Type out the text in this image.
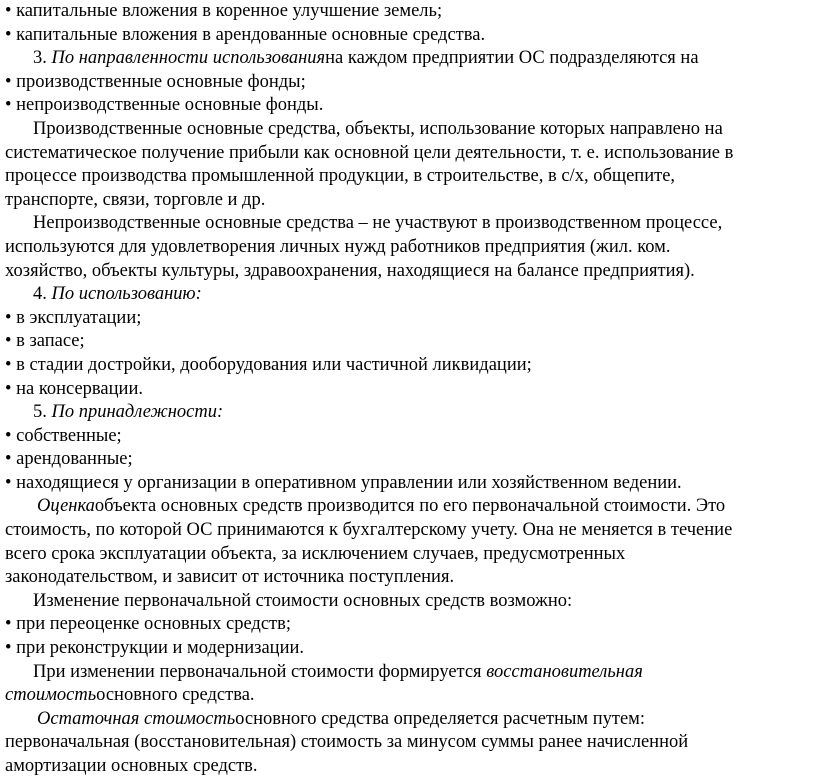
• капитальные вложения в коренное улучшение земель;
• капитальные вложения в арендованные основные средства.
3. По направленности использованияна каждом предприятии ОС подразделяются на
• производственные основные фонды;
• непроизводственные основные фонды.
Производственные основные средства, объекты, использование которых направлено на
систематическое получение прибыли как основной цели деятельности, т. е. использование в
процессе производства промышленной продукции, в строительстве, в с/х, общепите,
транспорте, связи, торговле и др.
Непроизводственные основные средства – не участвуют в производственном процессе,
используются для удовлетворения личных нужд работников предприятия (жил. ком.
хозяйство, объекты культуры, здравоохранения, находящиеся на балансе предприятия).
4. По использованию:
• в эксплуатации;
• в запасе;
• в стадии достройки, дооборудования или частичной ликвидации;
• на консервации.
5. По принадлежности:
• собственные;
• арендованные;
• находящиеся у организации в оперативном управлении или хозяйственном ведении.
Оценкаобъекта основных средств производится по его первоначальной стоимости. Это
стоимость, по которой ОС принимаются к бухгалтерскому учету. Она не меняется в течение
всего срока эксплуатации объекта, за исключением случаев, предусмотренных
законодательством, и зависит от источника поступления.
Изменение первоначальной стоимости основных средств возможно:
• при переоценке основных средств;
• при реконструкции и модернизации.
При изменении первоначальной стоимости формируется восстановительная
стоимостьосновного средства.
Остаточная стоимостьосновного средства определяется расчетным путем:
первоначальная (восстановительная) стоимость за минусом суммы ранее начисленной
амортизации основных средств.
